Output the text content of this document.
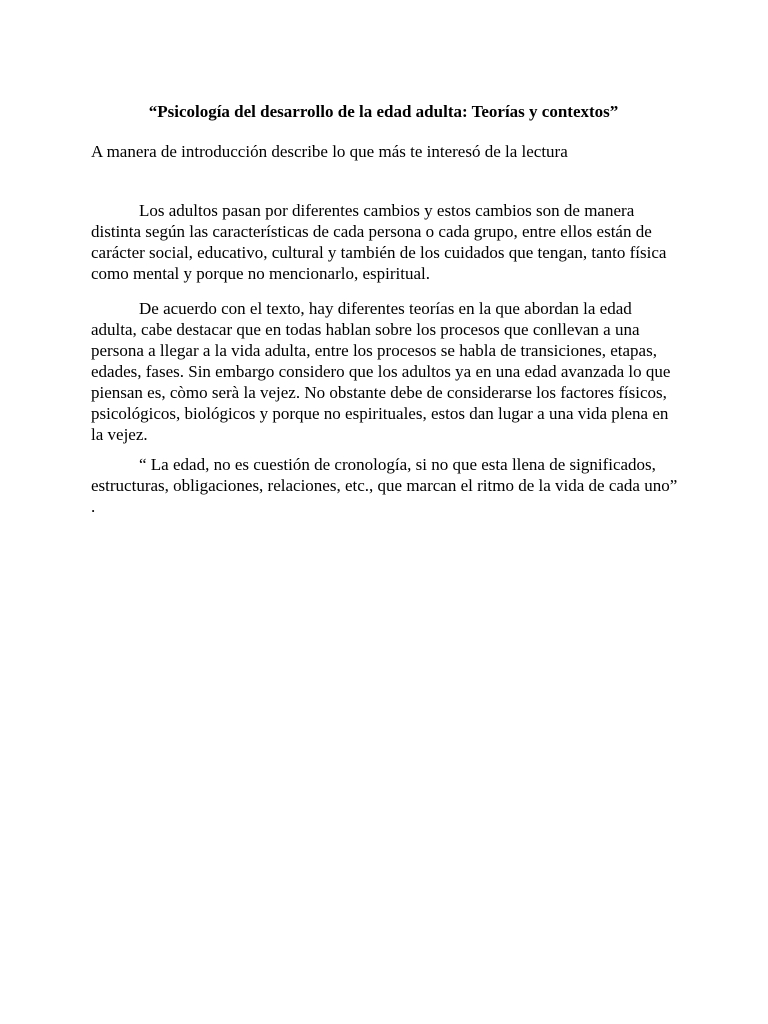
“Psicología del desarrollo de la edad adulta: Teorías y contextos”
A manera de introducción describe lo que más te interesó de la lectura

Los adultos pasan por diferentes cambios y estos cambios son de manera distinta según las características de cada persona o cada grupo, entre ellos están de carácter social, educativo, cultural y también de los cuidados que tengan, tanto física como mental y porque no mencionarlo, espiritual.

De acuerdo con el texto, hay diferentes teorías en la que abordan la edad adulta, cabe destacar que en todas hablan sobre los procesos que conllevan a una persona a llegar a la vida adulta, entre los procesos se habla de transiciones, etapas, edades, fases. Sin embargo considero que los adultos ya en una edad avanzada lo que piensan es, còmo serà la vejez. No obstante debe de considerarse los factores físicos, psicológicos, biológicos y porque no espirituales, estos dan lugar a una vida plena en la vejez.

“ La edad, no es cuestión de cronología, si no que esta llena de significados, estructuras, obligaciones, relaciones, etc., que marcan el ritmo de la vida de cada uno” .
